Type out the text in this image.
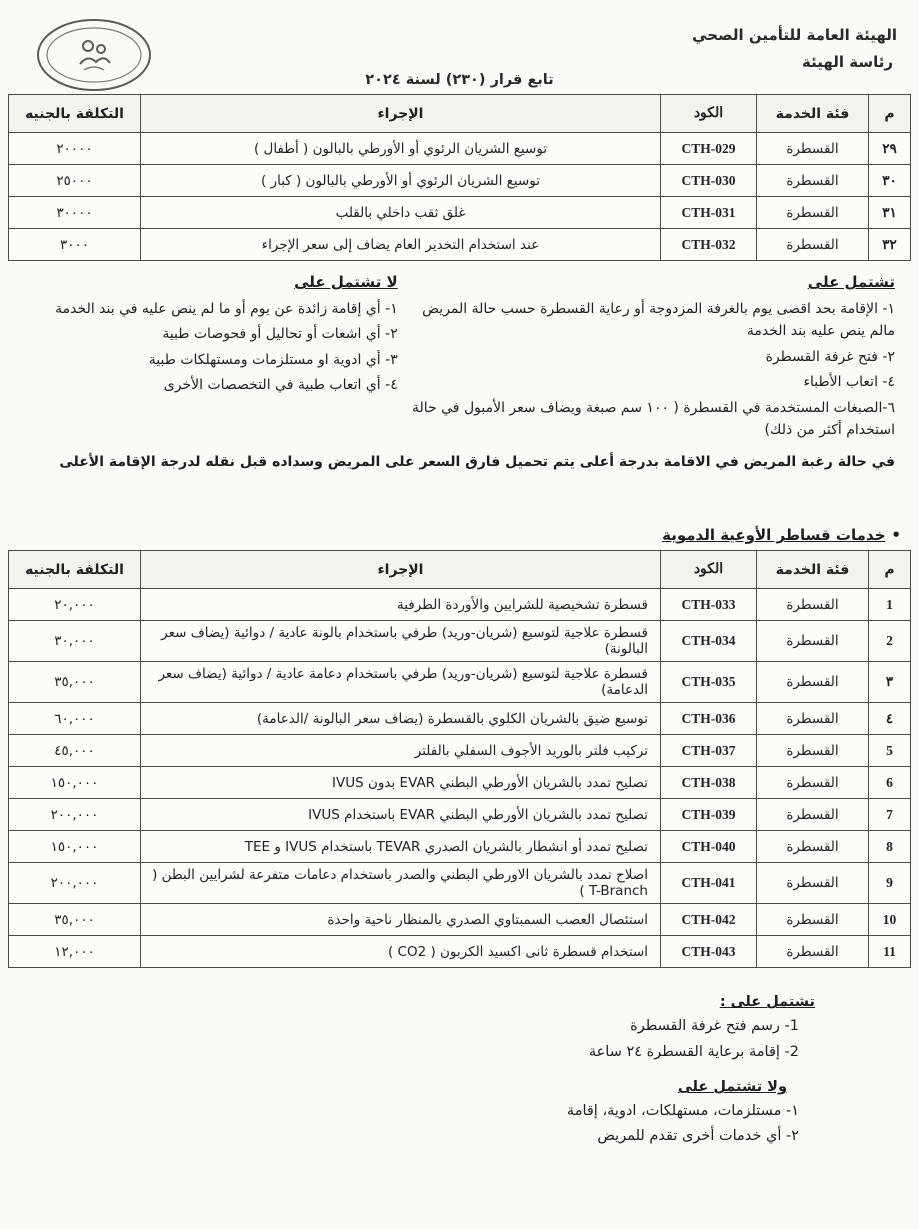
الهيئة العامة للتأمين الصحي
رئاسة الهيئة
تابع قرار (٢٣٠) لسنة ٢٠٢٤
م	فئة الخدمة	الكود	الإجراء	التكلفة بالجنيه
٢٩	القسطرة	CTH-029	توسيع الشريان الرئوي أو الأورطي بالبالون ( أطفال )	٢٠٠٠٠
٣٠	القسطرة	CTH-030	توسيع الشريان الرئوي أو الأورطي بالبالون ( كبار )	٢٥٠٠٠
٣١	القسطرة	CTH-031	غلق ثقب داخلي بالقلب	٣٠٠٠٠
٣٢	القسطرة	CTH-032	عند استخدام التخدير العام يضاف إلى سعر الإجراء	٣٠٠٠
تشتمل على
١- الإقامة بحد اقصى يوم بالغرفة المزدوجة أو رعاية القسطرة حسب حالة المريض مالم ينص عليه بند الخدمة
٢- فتح غرفة القسطرة
٤- اتعاب الأطباء
٦-الصبغات المستخدمة في القسطرة ( ١٠٠ سم صبغة ويضاف سعر الأمبول في حالة استخدام أكثر من ذلك)
لا تشتمل على
١- أي إقامة زائدة عن يوم أو ما لم ينص عليه في بند الخدمة
٢- أي اشعات أو تحاليل أو فحوصات طبية
٣- أي ادوية او مستلزمات ومستهلكات طبية
٤- أي اتعاب طبية في التخصصات الأخرى
في حالة رغبة المريض في الاقامة بدرجة أعلى يتم تحميل فارق السعر على المريض وسداده قبل نقله لدرجة الإقامة الأعلى
•خدمات قساطر الأوعية الدموية
م	فئة الخدمة	الكود	الإجراء	التكلفة بالجنيه
1	القسطرة	CTH-033	قسطرة تشخيصية للشرايين والأوردة الطرفية	٢٠,٠٠٠
2	القسطرة	CTH-034	قسطرة علاجية لتوسيع (شريان-وريد) طرفي باستخدام بالونة عادية / دوائية (يضاف سعر البالونة)	٣٠,٠٠٠
٣	القسطرة	CTH-035	قسطرة علاجية لتوسيع (شريان-وريد) طرفي باستخدام دعامة عادية / دوائية (يضاف سعر الدعامة)	٣٥,٠٠٠
٤	القسطرة	CTH-036	توسيع ضيق بالشريان الكلوي بالقسطرة (يضاف سعر البالونة /الدعامة)	٦٠,٠٠٠
5	القسطرة	CTH-037	تركيب فلتر بالوريد الأجوف السفلي بالفلتر	٤٥,٠٠٠
6	القسطرة	CTH-038	تصليح تمدد بالشريان الأورطي البطني EVAR بدون IVUS	١٥٠,٠٠٠
7	القسطرة	CTH-039	تصليح تمدد بالشريان الأورطي البطني EVAR باستخدام IVUS	٢٠٠,٠٠٠
8	القسطرة	CTH-040	تصليح تمدد أو انشطار بالشريان الصدري TEVAR باستخدام IVUS و TEE	١٥٠,٠٠٠
9	القسطرة	CTH-041	اصلاح تمدد بالشريان الاورطي البطني والصدر باستخدام دعامات متفرعة لشرايين البطن ( T-Branch )	٢٠٠,٠٠٠
10	القسطرة	CTH-042	استئصال العصب السمبتاوي الصدري بالمنظار ناحية واحدة	٣٥,٠٠٠
11	القسطرة	CTH-043	استخدام قسطرة ثانى اكسيد الكربون ( CO2 )	١٢,٠٠٠
تشتمل على :
1- رسم فتح غرفة القسطرة
2- إقامة برعاية القسطرة ٢٤ ساعة
ولا تشتمل على
١- مستلزمات، مستهلكات، ادوية، إقامة
٢- أي خدمات أخرى تقدم للمريض
